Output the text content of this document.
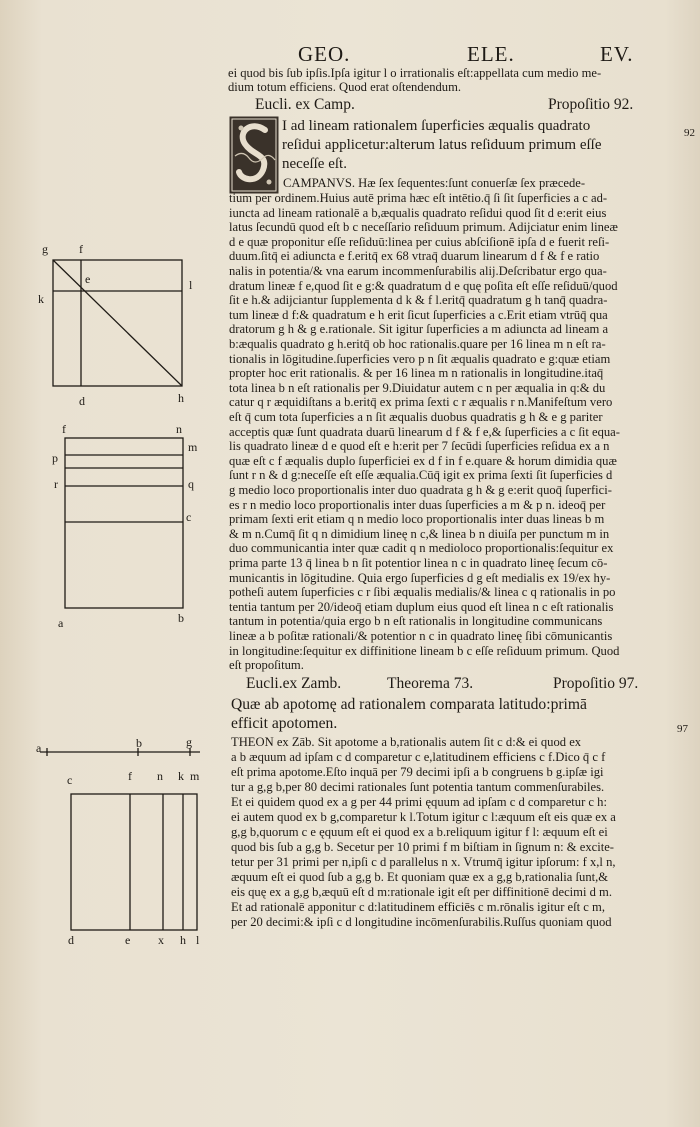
GEO.	ELE.	EV.
92
97
ei quod bis ſub ipſis.Ipſa igitur l o irrationalis eſt:appellata cum medio me-
dium totum efficiens. Quod erat oſtendendum.
Eucli. ex Camp.	Propoſitio 92.
I ad lineam rationalem ſuperficies æqualis quadrato
reſidui applicetur:alterum latus reſiduum primum eſſe
neceſſe eſt.
CAMPANVS. Hæ ſex ſequentes:ſunt conuerſæ ſex præcede-
tium per ordinem.Huius autē prima hæc eſt intētio.q̄ ſi ſit ſuperficies a c ad-
iuncta ad lineam rationalē a b,æqualis quadrato reſidui quod ſit d e:erit eius
latus ſecundū quod eſt b c neceſſario reſiduum primum. Adijciatur enim lineæ
d e quæ proponitur eſſe reſiduū:linea per cuius abſciſionē ipſa d e fuerit reſi-
duum.ſitq̄ ei adiuncta e f.eritq̄ ex 68 vtraq̄ duarum linearum d f & f e ratio
nalis in potentia/& vna earum incommenſurabilis alij.Deſcribatur ergo qua-
dratum lineæ f e,quod ſit e g:& quadratum d e quę poſita eſt eſſe reſiduū/quod
ſit e h.& adijciantur ſupplementa d k & f l.eritq̄ quadratum g h tanq̄ quadra-
tum lineæ d f:& quadratum e h erit ſicut ſuperficies a c.Erit etiam vtrūq̄ qua
dratorum g h & g e.rationale. Sit igitur ſuperficies a m adiuncta ad lineam a
b:æqualis quadrato g h.eritq̄ ob hoc rationalis.quare per 16 linea m n eſt ra-
tionalis in lōgitudine.ſuperficies vero p n ſit æqualis quadrato e g:quæ etiam
propter hoc erit rationalis. & per 16 linea m n rationalis in longitudine.itaq̄
tota linea b n eſt rationalis per 9.Diuidatur autem c n per æqualia in q:& du
catur q r æquidiſtans a b.eritq̄ ex prima ſexti c r æqualis r n.Manifeſtum vero
eſt q̄ cum tota ſuperficies a n ſit æqualis duobus quadratis g h & e g pariter
acceptis quæ ſunt quadrata duarū linearum d f & f e,& ſuperficies a c ſit equa-
lis quadrato lineæ d e quod eſt e h:erit per 7 ſecūdi ſuperficies reſidua ex a n
quæ eſt c f æqualis duplo ſuperficiei ex d f in f e.quare & horum dimidia quæ
ſunt r n & d g:neceſſe eſt eſſe æqualia.Cūq̄ igit ex prima ſexti ſit ſuperficies d
g medio loco proportionalis inter duo quadrata g h & g e:erit quoq̄ ſuperfici-
es r n medio loco proportionalis inter duas ſuperficies a m & p n. ideoq̄ per
primam ſexti erit etiam q n medio loco proportionalis inter duas lineas b m
& m n.Cumq̄ ſit q n dimidium lineę n c,& linea b n diuiſa per punctum m in
duo communicantia inter quæ cadit q n medioloco proportionalis:ſequitur ex
prima parte 13 q̄ linea b n ſit potentior linea n c in quadrato lineę ſecum cō-
municantis in lōgitudine. Quia ergo ſuperficies d g eſt medialis ex 19/ex hy-
potheſi autem ſuperficies c r ſibi æqualis medialis/& linea c q rationalis in po
tentia tantum per 20/ideoq̄ etiam duplum eius quod eſt linea n c eſt rationalis
tantum in potentia/quia ergo b n eſt rationalis in longitudine communicans
lineæ a b poſitæ rationali/& potentior n c in quadrato lineę ſibi cōmunicantis
in longitudine:ſequitur ex diffinitione lineam b c eſſe reſiduum primum. Quod
eſt propoſitum.
Eucli.ex Zamb.	Theorema 73.	Propoſitio 97.
Quæ ab apotomę ad rationalem comparata latitudo:primā
efficit apotomen.
THEON ex Zāb. Sit apotome a b,rationalis autem ſit c d:& ei quod ex
a b æquum ad ipſam c d comparetur c e,latitudinem efficiens c f.Dico q̄ c f
eſt prima apotome.Eſto inquā per 79 decimi ipſi a b congruens b g.ipſæ igi
tur a g,g b,per 80 decimi rationales ſunt potentia tantum commenſurabiles.
Et ei quidem quod ex a g per 44 primi ęquum ad ipſam c d comparetur c h:
ei autem quod ex b g,comparetur k l.Totum igitur c l:æquum eſt eis quæ ex a
g,g b,quorum c e ęquum eſt ei quod ex a b.reliquum igitur f l: æquum eſt ei
quod bis ſub a g,g b. Secetur per 10 primi f m biſtiam in ſignum n: & excite-
tetur per 31 primi per n,ipſi c d parallelus n x. Vtrumq̄ igitur ipſorum: f x,l n,
æquum eſt ei quod ſub a g,g b. Et quoniam quæ ex a g,g b,rationalia ſunt,&
eis quę ex a g,g b,æquū eſt d m:rationale igit eſt per diffinitionē decimi d m.
Et ad rationalē apponitur c d:latitudinem efficiēs c m.rōnalis igitur eſt c m,
per 20 decimi:& ipſi c d longitudine incōmenſurabilis.Ruſſus quoniam quod
g	f
e
k
l
d	h
f	n
m
p
r	q
c
a	b
a	b	g
c	f n k m
d	e x h l
